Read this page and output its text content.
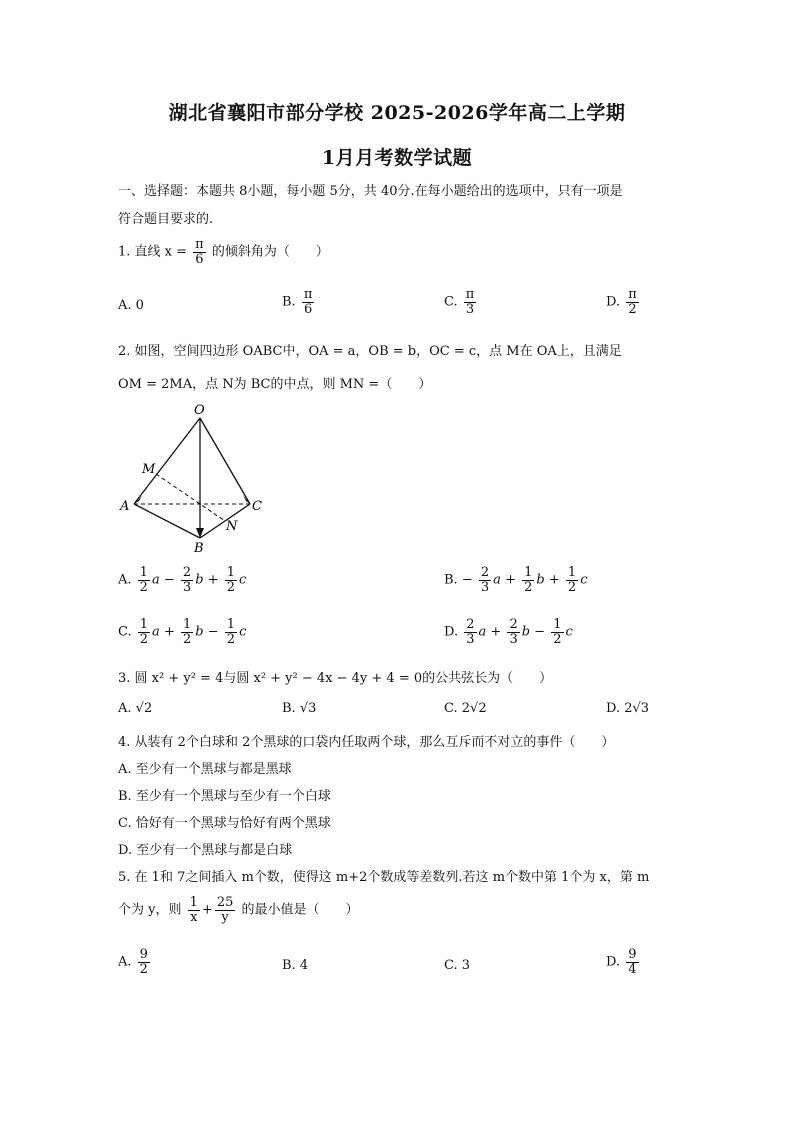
湖北省襄阳市部分学校 2025-2026学年高二上学期
1月月考数学试题
一、选择题：本题共 8小题，每小题 5分，共 40分.在每小题给出的选项中，只有一项是
符合题目要求的.
1. 直线 $x = \frac{\pi}{6}$ 的倾斜角为（　　）
A. 0	B. $\frac{\pi}{6}$	C. $\frac{\pi}{3}$	D. $\frac{\pi}{2}$
2. 如图，空间四边形 OABC中，OA = a，OB = b，OC = c，点 M在 OA上，且满足
OM = 2MA，点 N为 BC的中点，则 MN =（　　）
O
M
A	C
B
N
A. $\frac{1}{2}$ $a - \frac{2}{3}$ $b + \frac{1}{2}$ c	B. − $\frac{2}{3}$ $a + \frac{1}{2}$ $b + \frac{1}{2}$ c
C. $\frac{1}{2}$ $a + \frac{1}{2}$ $b - \frac{1}{2}$ c	D. $\frac{2}{3}$ $a + \frac{2}{3}$ $b - \frac{1}{2}$ c
3. 圆 x² + y² = 4与圆 x² + y² − 4x − 4y + 4 = 0的公共弦长为（　　）
A. √2	B. √3	C. 2√2	D. 2√3
4. 从装有 2个白球和 2个黑球的口袋内任取两个球，那么互斥而不对立的事件（　　）
A. 至少有一个黑球与都是黑球
B. 至少有一个黑球与至少有一个白球
C. 恰好有一个黑球与恰好有两个黑球
D. 至少有一个黑球与都是白球
5. 在 1和 7之间插入 m个数，使得这 m+2个数成等差数列.若这 m个数中第 1个为 x，第 m
个为 y，则 $\frac{1}{x} + \frac{25}{y}$ 的最小值是（　　）
A. $\frac{9}{2}$	B. 4	C. 3	D. $\frac{9}{4}$
